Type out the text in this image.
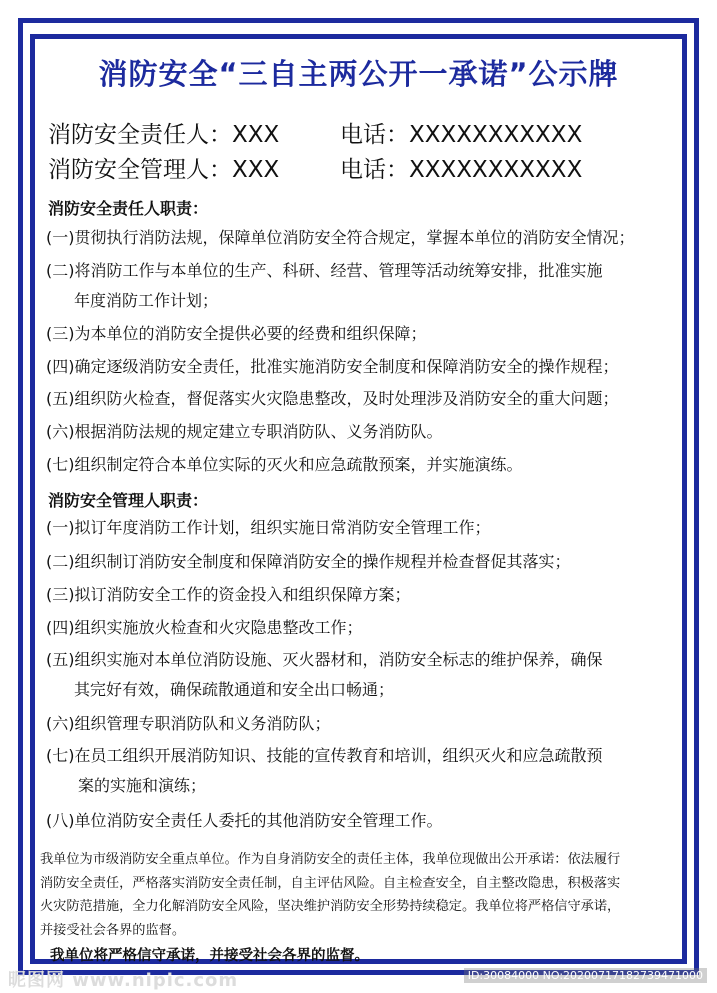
消防安全“三自主两公开一承诺”公示牌
消防安全责任人：XXX	电话：XXXXXXXXXXX
消防安全管理人：XXX	电话：XXXXXXXXXXX
消防安全责任人职责：
(一)贯彻执行消防法规，保障单位消防安全符合规定，掌握本单位的消防安全情况；
(二)将消防工作与本单位的生产、科研、经营、管理等活动统筹安排，批准实施
年度消防工作计划；
(三)为本单位的消防安全提供必要的经费和组织保障；
(四)确定逐级消防安全责任，批准实施消防安全制度和保障消防安全的操作规程；
(五)组织防火检查，督促落实火灾隐患整改，及时处理涉及消防安全的重大问题；
(六)根据消防法规的规定建立专职消防队、义务消防队。
(七)组织制定符合本单位实际的灭火和应急疏散预案，并实施演练。
消防安全管理人职责：
(一)拟订年度消防工作计划，组织实施日常消防安全管理工作；
(二)组织制订消防安全制度和保障消防安全的操作规程并检查督促其落实；
(三)拟订消防安全工作的资金投入和组织保障方案；
(四)组织实施放火检查和火灾隐患整改工作；
(五)组织实施对本单位消防设施、灭火器材和，消防安全标志的维护保养，确保
其完好有效，确保疏散通道和安全出口畅通；
(六)组织管理专职消防队和义务消防队；
(七)在员工组织开展消防知识、技能的宣传教育和培训，组织灭火和应急疏散预
案的实施和演练；
(八)单位消防安全责任人委托的其他消防安全管理工作。
我单位为市级消防安全重点单位。作为自身消防安全的责任主体，我单位现做出公开承诺：依法履行
消防安全责任，严格落实消防安全责任制，自主评估风险。自主检查安全，自主整改隐患，积极落实
火灾防范措施，全力化解消防安全风险，坚决维护消防安全形势持续稳定。我单位将严格信守承诺，
并接受社会各界的监督。
我单位将严格信守承诺，并接受社会各界的监督。
昵图网 www.nipic.com	ID:30084000 NO:20200717182739471000
